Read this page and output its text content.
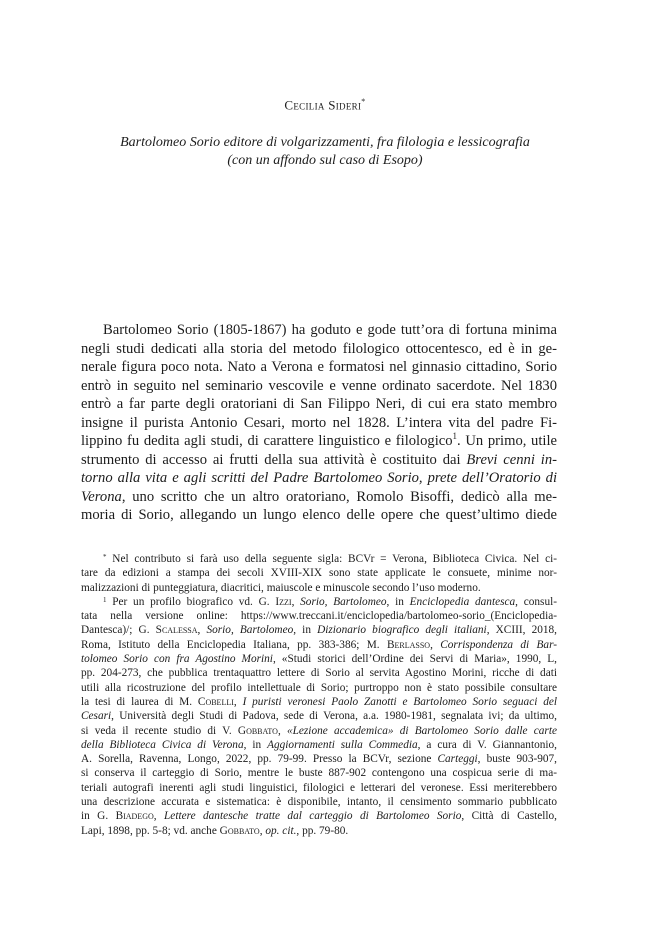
Cecilia Sideri*
Bartolomeo Sorio editore di volgarizzamenti, fra filologia e lessicografia
(con un affondo sul caso di Esopo)
Bartolomeo Sorio (1805-1867) ha goduto e gode tutt’ora di fortuna minima
negli studi dedicati alla storia del metodo filologico ottocentesco, ed è in ge-
nerale figura poco nota. Nato a Verona e formatosi nel ginnasio cittadino, Sorio
entrò in seguito nel seminario vescovile e venne ordinato sacerdote. Nel 1830
entrò a far parte degli oratoriani di San Filippo Neri, di cui era stato membro
insigne il purista Antonio Cesari, morto nel 1828. L’intera vita del padre Fi-
lippino fu dedita agli studi, di carattere linguistico e filologico$^1$. Un primo, utile
strumento di accesso ai frutti della sua attività è costituito dai Brevi cenni in-
torno alla vita e agli scritti del Padre Bartolomeo Sorio, prete dell’Oratorio di
Verona, uno scritto che un altro oratoriano, Romolo Bisoffi, dedicò alla me-
moria di Sorio, allegando un lungo elenco delle opere che quest’ultimo diede
* Nel contributo si farà uso della seguente sigla: BCVr = Verona, Biblioteca Civica. Nel ci-
tare da edizioni a stampa dei secoli XVIII-XIX sono state applicate le consuete, minime nor-
malizzazioni di punteggiatura, diacritici, maiuscole e minuscole secondo l’uso moderno.
$^1$ Per un profilo biografico vd. G. Izzi, Sorio, Bartolomeo, in Enciclopedia dantesca, consul-
tata nella versione online: https://www.treccani.it/enciclopedia/bartolomeo-sorio_(Enciclopedia-
Dantesca)/; G. Scalessa, Sorio, Bartolomeo, in Dizionario biografico degli italiani, XCIII, 2018,
Roma, Istituto della Enciclopedia Italiana, pp. 383-386; M. Berlasso, Corrispondenza di Bar-
tolomeo Sorio con fra Agostino Morini, «Studi storici dell’Ordine dei Servi di Maria», 1990, L,
pp. 204-273, che pubblica trentaquattro lettere di Sorio al servita Agostino Morini, ricche di dati
utili alla ricostruzione del profilo intellettuale di Sorio; purtroppo non è stato possibile consultare
la tesi di laurea di M. Cobelli, I puristi veronesi Paolo Zanotti e Bartolomeo Sorio seguaci del
Cesari, Università degli Studi di Padova, sede di Verona, a.a. 1980-1981, segnalata ivi; da ultimo,
si veda il recente studio di V. Gobbato, «Lezione accademica» di Bartolomeo Sorio dalle carte
della Biblioteca Civica di Verona, in Aggiornamenti sulla Commedia, a cura di V. Giannantonio,
A. Sorella, Ravenna, Longo, 2022, pp. 79-99. Presso la BCVr, sezione Carteggi, buste 903-907,
si conserva il carteggio di Sorio, mentre le buste 887-902 contengono una cospicua serie di ma-
teriali autografi inerenti agli studi linguistici, filologici e letterari del veronese. Essi meriterebbero
una descrizione accurata e sistematica: è disponibile, intanto, il censimento sommario pubblicato
in G. Biadego, Lettere dantesche tratte dal carteggio di Bartolomeo Sorio, Città di Castello,
Lapi, 1898, pp. 5-8; vd. anche Gobbato, op. cit., pp. 79-80.
